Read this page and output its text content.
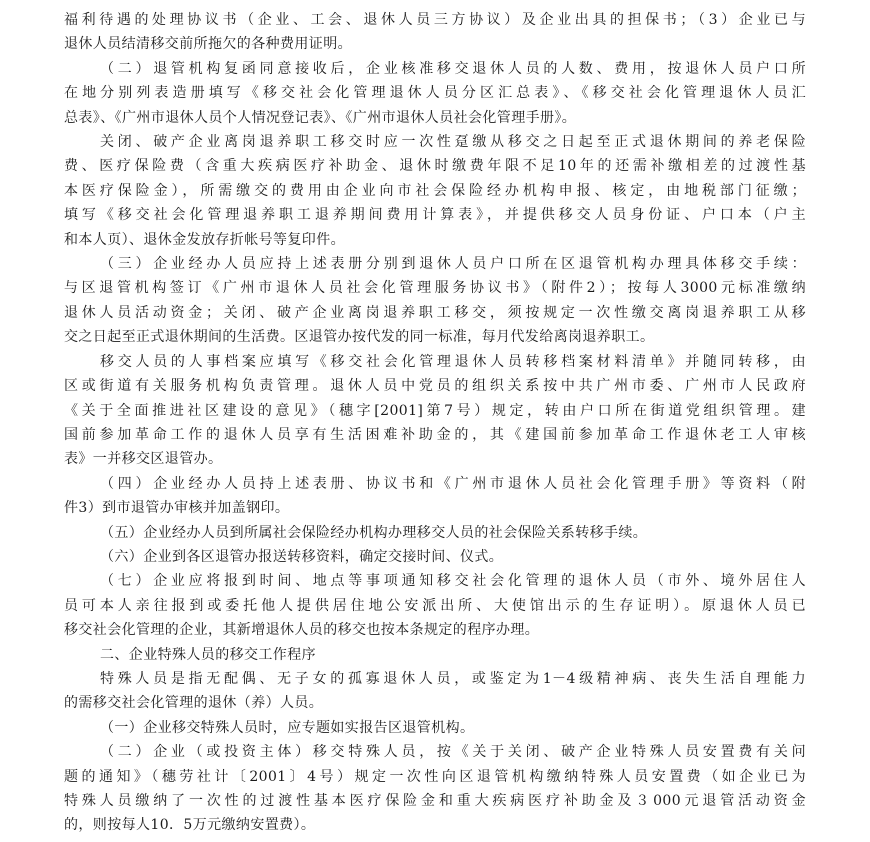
福利待遇的处理协议书（企业、工会、退休人员三方协议）及企业出具的担保书；（3）企业已与
退休人员结清移交前所拖欠的各种费用证明。

（二）退管机构复函同意接收后，企业核准移交退休人员的人数、费用，按退休人员户口所
在地分别列表造册填写《移交社会化管理退休人员分区汇总表》、《移交社会化管理退休人员汇
总表》、《广州市退休人员个人情况登记表》、《广州市退休人员社会化管理手册》。

关闭、破产企业离岗退养职工移交时应一次性趸缴从移交之日起至正式退休期间的养老保险
费、医疗保险费（含重大疾病医疗补助金、退休时缴费年限不足10年的还需补缴相差的过渡性基
本医疗保险金），所需缴交的费用由企业向市社会保险经办机构申报、核定，由地税部门征缴；
填写《移交社会化管理退养职工退养期间费用计算表》，并提供移交人员身份证、户口本（户主
和本人页）、退休金发放存折帐号等复印件。

（三）企业经办人员应持上述表册分别到退休人员户口所在区退管机构办理具体移交手续：
与区退管机构签订《广州市退休人员社会化管理服务协议书》（附件2）；按每人3000元标准缴纳
退休人员活动资金；关闭、破产企业离岗退养职工移交，须按规定一次性缴交离岗退养职工从移
交之日起至正式退休期间的生活费。区退管办按代发的同一标准，每月代发给离岗退养职工。

移交人员的人事档案应填写《移交社会化管理退休人员转移档案材料清单》并随同转移，由
区或街道有关服务机构负责管理。退休人员中党员的组织关系按中共广州市委、广州市人民政府
《关于全面推进社区建设的意见》（穗字[2001]第7号）规定，转由户口所在街道党组织管理。建
国前参加革命工作的退休人员享有生活困难补助金的，其《建国前参加革命工作退休老工人审核
表》一并移交区退管办。

（四）企业经办人员持上述表册、协议书和《广州市退休人员社会化管理手册》等资料（附
件3）到市退管办审核并加盖钢印。

（五）企业经办人员到所属社会保险经办机构办理移交人员的社会保险关系转移手续。

（六）企业到各区退管办报送转移资料，确定交接时间、仪式。

（七）企业应将报到时间、地点等事项通知移交社会化管理的退休人员（市外、境外居住人
员可本人亲往报到或委托他人提供居住地公安派出所、大使馆出示的生存证明）。原退休人员已
移交社会化管理的企业，其新增退休人员的移交也按本条规定的程序办理。

二、企业特殊人员的移交工作程序

特殊人员是指无配偶、无子女的孤寡退休人员，或鉴定为1－4级精神病、丧失生活自理能力
的需移交社会化管理的退休（养）人员。

（一）企业移交特殊人员时，应专题如实报告区退管机构。

（二）企业（或投资主体）移交特殊人员，按《关于关闭、破产企业特殊人员安置费有关问
题的通知》（穗劳社计〔2001〕4号）规定一次性向区退管机构缴纳特殊人员安置费（如企业已为
特殊人员缴纳了一次性的过渡性基本医疗保险金和重大疾病医疗补助金及３000元退管活动资金
的，则按每人10．5万元缴纳安置费）。
